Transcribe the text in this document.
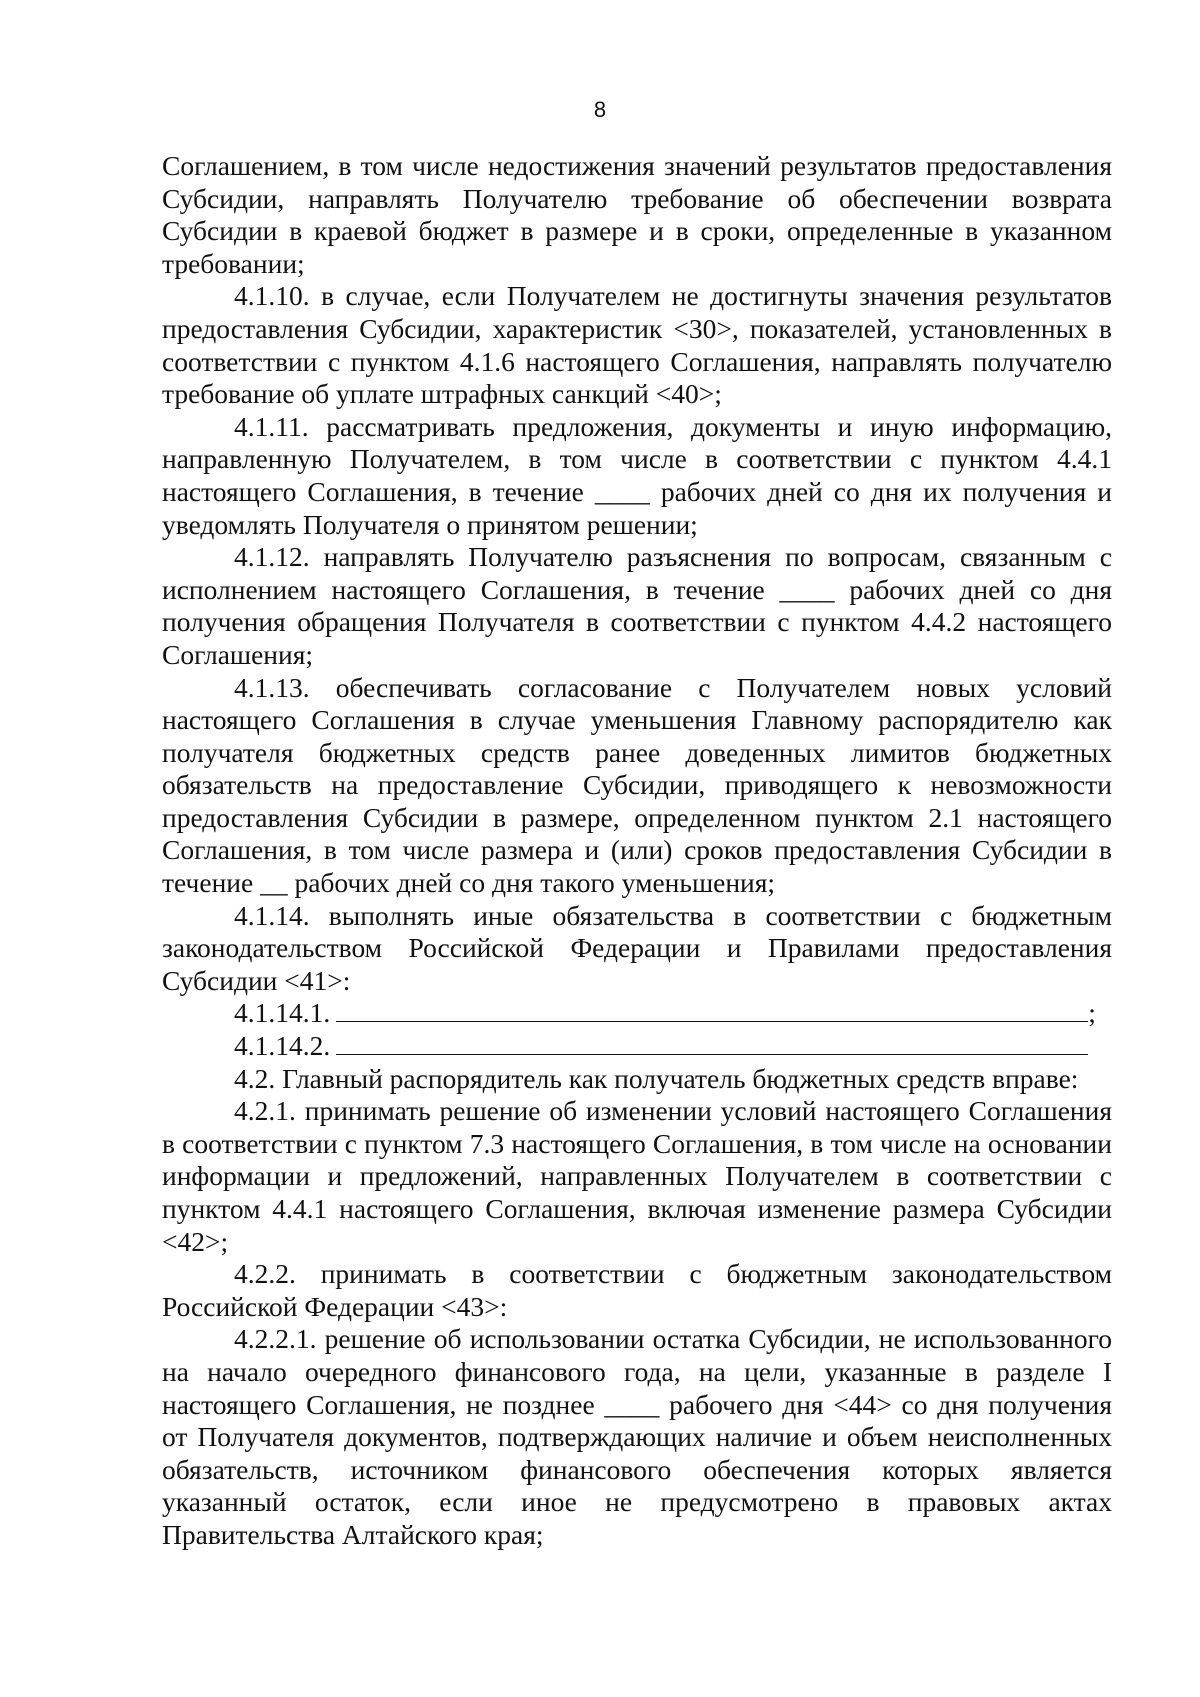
8

Соглашением, в том числе недостижения значений результатов предоставления Субсидии, направлять Получателю требование об обеспечении возврата Субсидии в краевой бюджет в размере и в сроки, определенные в указанном требовании;

4.1.10. в случае, если Получателем не достигнуты значения результатов предоставления Субсидии, характеристик <30>, показателей, установленных в соответствии с пунктом 4.1.6 настоящего Соглашения, направлять получателю требование об уплате штрафных санкций <40>;

4.1.11. рассматривать предложения, документы и иную информацию, направленную Получателем, в том числе в соответствии с пунктом 4.4.1 настоящего Соглашения, в течение ____ рабочих дней со дня их получения и уведомлять Получателя о принятом решении;

4.1.12. направлять Получателю разъяснения по вопросам, связанным с исполнением настоящего Соглашения, в течение ____ рабочих дней со дня получения обращения Получателя в соответствии с пунктом 4.4.2 настоящего Соглашения;

4.1.13. обеспечивать согласование с Получателем новых условий настоящего Соглашения в случае уменьшения Главному распорядителю как получателя бюджетных средств ранее доведенных лимитов бюджетных обязательств на предоставление Субсидии, приводящего к невозможности предоставления Субсидии в размере, определенном пунктом 2.1 настоящего Соглашения, в том числе размера и (или) сроков предоставления Субсидии в течение __ рабочих дней со дня такого уменьшения;

4.1.14. выполнять иные обязательства в соответствии с бюджетным законодательством Российской Федерации и Правилами предоставления Субсидии <41>:

4.1.14.1.	;
4.1.14.2.

4.2. Главный распорядитель как получатель бюджетных средств вправе:

4.2.1. принимать решение об изменении условий настоящего Соглашения в соответствии с пунктом 7.3 настоящего Соглашения, в том числе на основании информации и предложений, направленных Получателем в соответствии с пунктом 4.4.1 настоящего Соглашения, включая изменение размера Субсидии <42>;

4.2.2. принимать в соответствии с бюджетным законодательством Российской Федерации <43>:

4.2.2.1. решение об использовании остатка Субсидии, не использованного на начало очередного финансового года, на цели, указанные в разделе I настоящего Соглашения, не позднее ____ рабочего дня <44> со дня получения от Получателя документов, подтверждающих наличие и объем неисполненных обязательств, источником финансового обеспечения которых является указанный остаток, если иное не предусмотрено в правовых актах Правительства Алтайского края;
